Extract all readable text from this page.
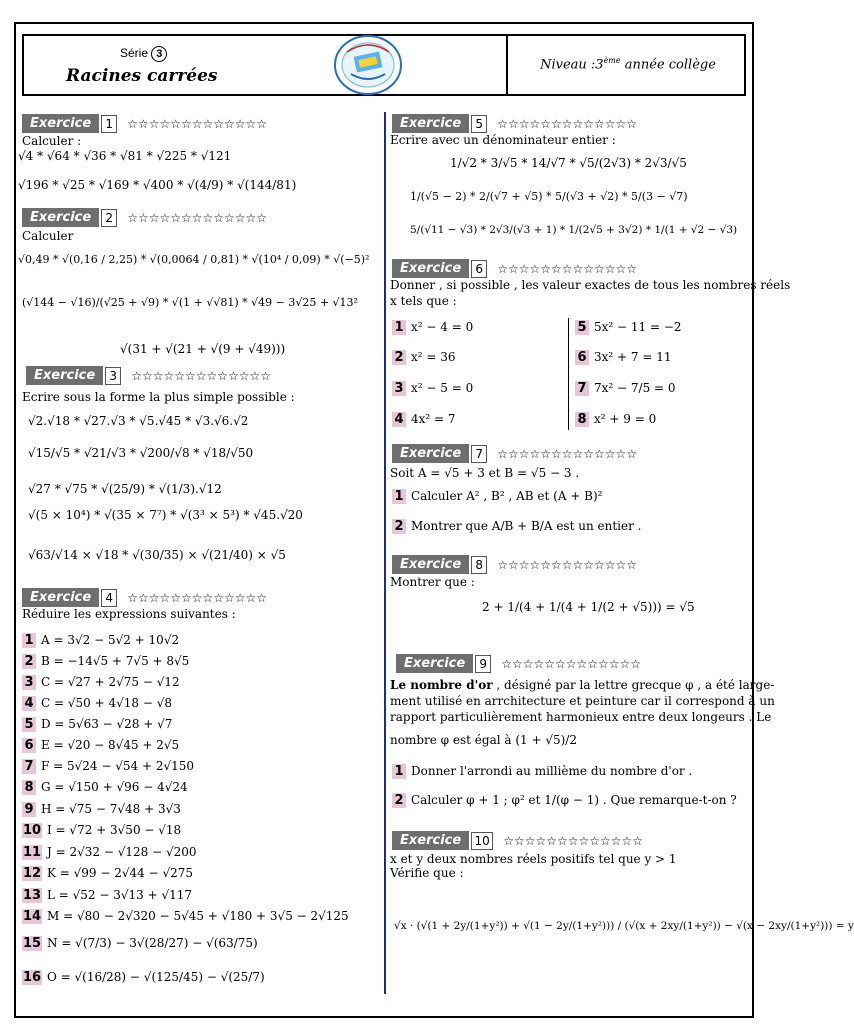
Série 3
Racines carrées
Niveau :3ème année collège
Exercice 1 ☆☆☆☆☆☆☆☆☆☆☆☆☆
Calculer :
√4 * √64 * √36 * √81 * √225 * √121
√196 * √25 * √169 * √400 * √(4/9) * √(144/81)
Exercice 2 ☆☆☆☆☆☆☆☆☆☆☆☆☆
Calculer
√0,49 * √(0,16 / 2,25) * √(0,0064 / 0,81) * √(10⁴ / 0,09) * √(−5)²
(√144 − √16)/(√25 + √9) * √(1 + √√81) * √49 − 3√25 + √13²
√(31 + √(21 + √(9 + √49)))
Exercice 3 ☆☆☆☆☆☆☆☆☆☆☆☆☆
Ecrire sous la forme la plus simple possible :
√2.√18 * √27.√3 * √5.√45 * √3.√6.√2
√15/√5 * √21/√3 * √200/√8 * √18/√50
√27 * √75 * √(25/9) * √(1/3).√12
√(5 × 10⁴) * √(35 × 7⁷) * √(3³ × 5³) * √45.√20
√63/√14 × √18 * √(30/35) × √(21/40) × √5
Exercice 4 ☆☆☆☆☆☆☆☆☆☆☆☆☆
Réduire les expressions suivantes :
1 A = 3√2 − 5√2 + 10√2
2 B = −14√5 + 7√5 + 8√5
3 C = √27 + 2√75 − √12
4 C = √50 + 4√18 − √8
5 D = 5√63 − √28 + √7
6 E = √20 − 8√45 + 2√5
7 F = 5√24 − √54 + 2√150
8 G = √150 + √96 − 4√24
9 H = √75 − 7√48 + 3√3
10 I = √72 + 3√50 − √18
11 J = 2√32 − √128 − √200
12 K = √99 − 2√44 − √275
13 L = √52 − 3√13 + √117
14 M = √80 − 2√320 − 5√45 + √180 + 3√5 − 2√125
15 N = √(7/3) − 3√(28/27) − √(63/75)
16 O = √(16/28) − √(125/45) − √(25/7)
Exercice 5 ☆☆☆☆☆☆☆☆☆☆☆☆☆
Ecrire avec un dénominateur entier :
1/√2 * 3/√5 * 14/√7 * √5/(2√3) * 2√3/√5
1/(√5 − 2) * 2/(√7 + √5) * 5/(√3 + √2) * 5/(3 − √7)
5/(√11 − √3) * 2√3/(√3 + 1) * 1/(2√5 + 3√2) * 1/(1 + √2 − √3)
Exercice 6 ☆☆☆☆☆☆☆☆☆☆☆☆☆
Donner , si possible , les valeur exactes de tous les nombres réels
x tels que :
1 x² − 4 = 0
2 x² = 36
3 x² − 5 = 0
4 4x² = 7
5 5x² − 11 = −2
6 3x² + 7 = 11
7 7x² − 7/5 = 0
8 x² + 9 = 0
Exercice 7 ☆☆☆☆☆☆☆☆☆☆☆☆☆
Soit A = √5 + 3 et B = √5 − 3 .
1 Calculer A² , B² , AB et (A + B)²
2 Montrer que A/B + B/A est un entier .
Exercice 8 ☆☆☆☆☆☆☆☆☆☆☆☆☆
Montrer que :
2 + 1/(4 + 1/(4 + 1/(2 + √5))) = √5
Exercice 9 ☆☆☆☆☆☆☆☆☆☆☆☆☆
Le nombre d'or , désigné par la lettre grecque φ , a été large-
ment utilisé en arrchitecture et peinture car il correspond à un
rapport particulièrement harmonieux entre deux longeurs . Le
nombre φ est égal à (1 + √5)/2
1 Donner l'arrondi au millième du nombre d'or .
2 Calculer φ + 1 ; φ² et 1/(φ − 1) . Que remarque-t-on ?
Exercice 10 ☆☆☆☆☆☆☆☆☆☆☆☆☆
x et y deux nombres réels positifs tel que y > 1
Vérifie que :
√x · (√(1 + 2y/(1+y²)) + √(1 − 2y/(1+y²))) / (√(x + 2xy/(1+y²)) − √(x − 2xy/(1+y²))) = y
